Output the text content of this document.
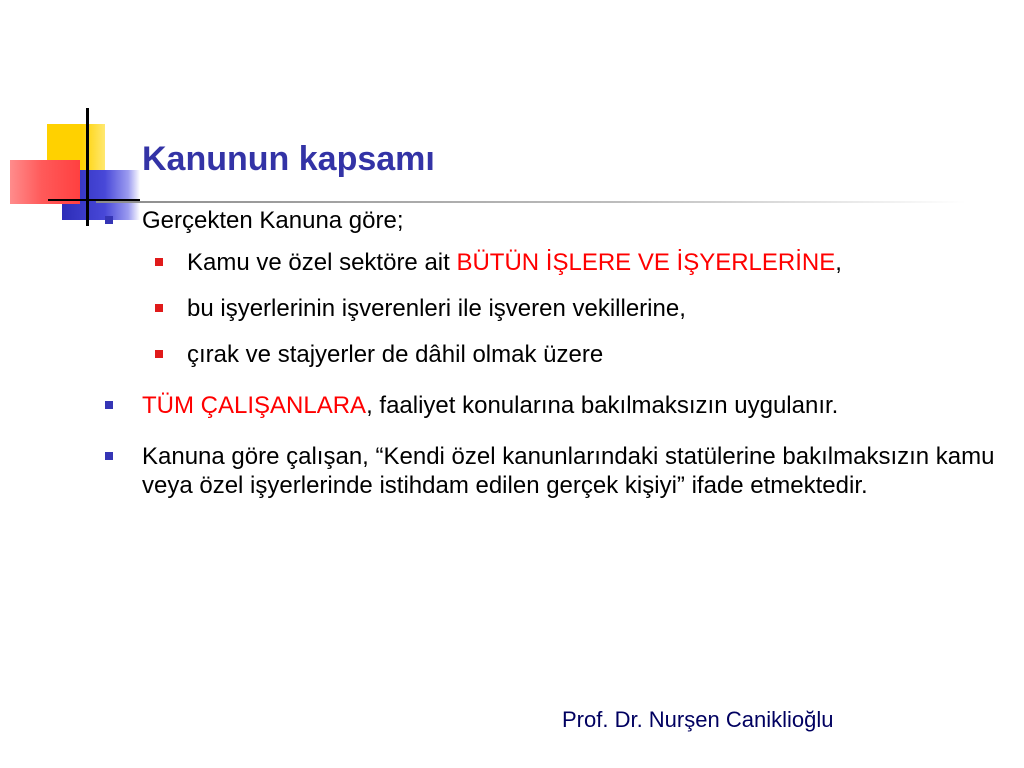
Kanunun kapsamı
Gerçekten Kanuna göre;
Kamu ve özel sektöre ait BÜTÜN İŞLERE VE İŞYERLERİNE,
bu işyerlerinin işverenleri ile işveren vekillerine,
çırak ve stajyerler de dâhil olmak üzere
TÜM ÇALIŞANLARA, faaliyet konularına bakılmaksızın uygulanır.
Kanuna göre çalışan, “Kendi özel kanunlarındaki statülerine bakılmaksızın kamu veya özel işyerlerinde istihdam edilen gerçek kişiyi” ifade etmektedir.
Prof. Dr. Nurşen Caniklioğlu
